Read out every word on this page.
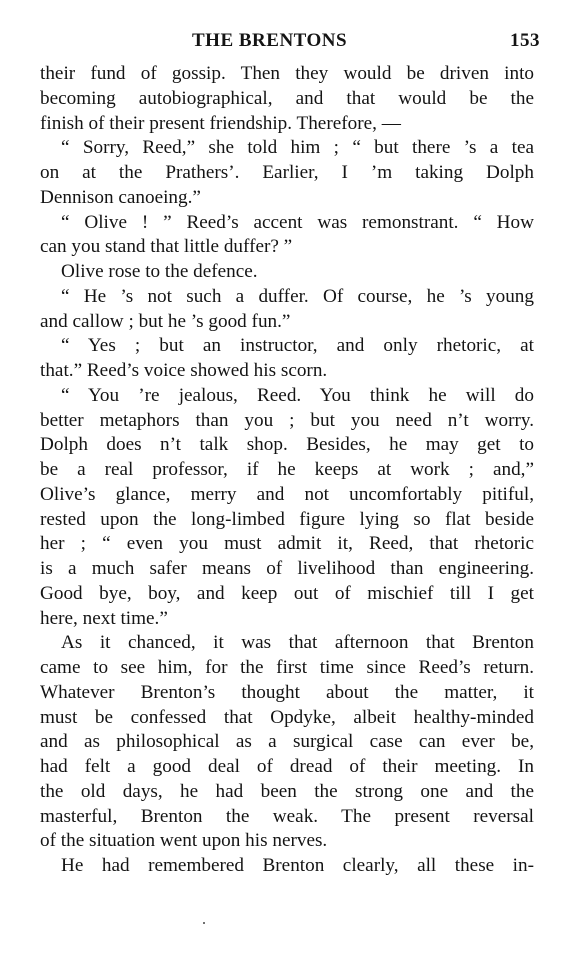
THE BRENTONS	153
their fund of gossip. Then they would be driven into
becoming autobiographical, and that would be the
finish of their present friendship. Therefore, —
“ Sorry, Reed,” she told him ; “ but there ’s a tea
on at the Prathers’. Earlier, I ’m taking Dolph
Dennison canoeing.”
“ Olive ! ” Reed’s accent was remonstrant. “ How
can you stand that little duffer? ”
Olive rose to the defence.
“ He ’s not such a duffer. Of course, he ’s young
and callow ; but he ’s good fun.”
“ Yes ; but an instructor, and only rhetoric, at
that.” Reed’s voice showed his scorn.
“ You ’re jealous, Reed. You think he will do
better metaphors than you ; but you need n’t worry.
Dolph does n’t talk shop. Besides, he may get to
be a real professor, if he keeps at work ; and,”
Olive’s glance, merry and not uncomfortably pitiful,
rested upon the long-limbed figure lying so flat beside
her ; “ even you must admit it, Reed, that rhetoric
is a much safer means of livelihood than engineering.
Good bye, boy, and keep out of mischief till I get
here, next time.”
As it chanced, it was that afternoon that Brenton
came to see him, for the first time since Reed’s return.
Whatever Brenton’s thought about the matter, it
must be confessed that Opdyke, albeit healthy-minded
and as philosophical as a surgical case can ever be,
had felt a good deal of dread of their meeting. In
the old days, he had been the strong one and the
masterful, Brenton the weak. The present reversal
of the situation went upon his nerves.
He had remembered Brenton clearly, all these in-
